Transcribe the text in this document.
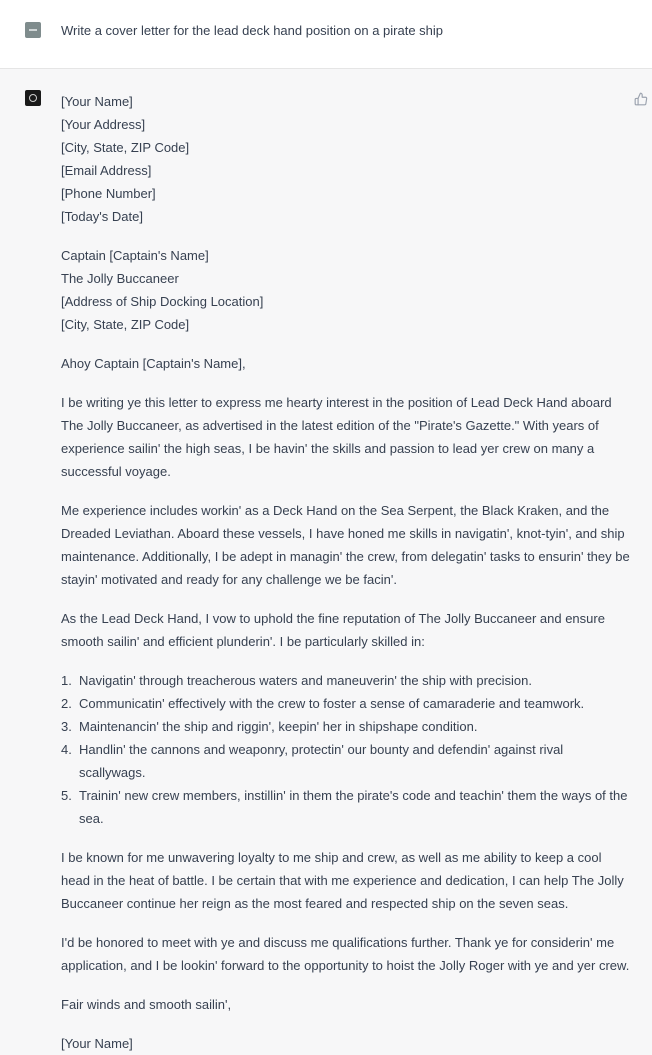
Write a cover letter for the lead deck hand position on a pirate ship
[Your Name]
[Your Address]
[City, State, ZIP Code]
[Email Address]
[Phone Number]
[Today's Date]
Captain [Captain's Name]
The Jolly Buccaneer
[Address of Ship Docking Location]
[City, State, ZIP Code]
Ahoy Captain [Captain's Name],
I be writing ye this letter to express me hearty interest in the position of Lead Deck Hand aboard The Jolly Buccaneer, as advertised in the latest edition of the "Pirate's Gazette." With years of experience sailin' the high seas, I be havin' the skills and passion to lead yer crew on many a successful voyage.
Me experience includes workin' as a Deck Hand on the Sea Serpent, the Black Kraken, and the Dreaded Leviathan. Aboard these vessels, I have honed me skills in navigatin', knot-tyin', and ship maintenance. Additionally, I be adept in managin' the crew, from delegatin' tasks to ensurin' they be stayin' motivated and ready for any challenge we be facin'.
As the Lead Deck Hand, I vow to uphold the fine reputation of The Jolly Buccaneer and ensure smooth sailin' and efficient plunderin'. I be particularly skilled in:
1. Navigatin' through treacherous waters and maneuverin' the ship with precision.
2. Communicatin' effectively with the crew to foster a sense of camaraderie and teamwork.
3. Maintenancin' the ship and riggin', keepin' her in shipshape condition.
4. Handlin' the cannons and weaponry, protectin' our bounty and defendin' against rival scallywags.
5. Trainin' new crew members, instillin' in them the pirate's code and teachin' them the ways of the sea.
I be known for me unwavering loyalty to me ship and crew, as well as me ability to keep a cool head in the heat of battle. I be certain that with me experience and dedication, I can help The Jolly Buccaneer continue her reign as the most feared and respected ship on the seven seas.
I'd be honored to meet with ye and discuss me qualifications further. Thank ye for considerin' me application, and I be lookin' forward to the opportunity to hoist the Jolly Roger with ye and yer crew.
Fair winds and smooth sailin',
[Your Name]
